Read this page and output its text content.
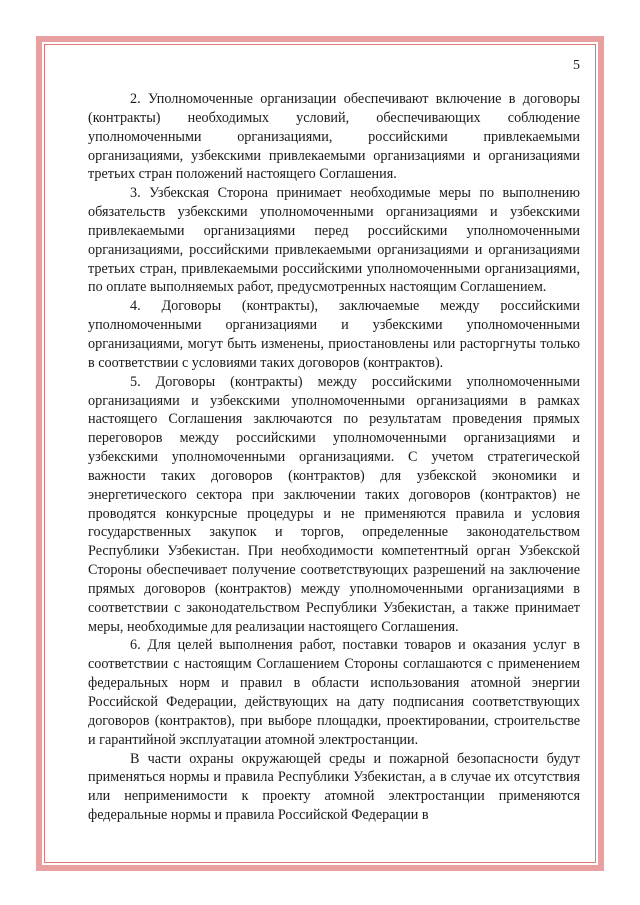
5

2. Уполномоченные организации обеспечивают включение в договоры (контракты) необходимых условий, обеспечивающих соблюдение уполномоченными организациями, российскими привлекаемыми организациями, узбекскими привлекаемыми организациями и организациями третьих стран положений настоящего Соглашения.

3. Узбекская Сторона принимает необходимые меры по выполнению обязательств узбекскими уполномоченными организациями и узбекскими привлекаемыми организациями перед российскими уполномоченными организациями, российскими привлекаемыми организациями и организациями третьих стран, привлекаемыми российскими уполномоченными организациями, по оплате выполняемых работ, предусмотренных настоящим Соглашением.

4. Договоры (контракты), заключаемые между российскими уполномоченными организациями и узбекскими уполномоченными организациями, могут быть изменены, приостановлены или расторгнуты только в соответствии с условиями таких договоров (контрактов).

5. Договоры (контракты) между российскими уполномоченными организациями и узбекскими уполномоченными организациями в рамках настоящего Соглашения заключаются по результатам проведения прямых переговоров между российскими уполномоченными организациями и узбекскими уполномоченными организациями. С учетом стратегической важности таких договоров (контрактов) для узбекской экономики и энергетического сектора при заключении таких договоров (контрактов) не проводятся конкурсные процедуры и не применяются правила и условия государственных закупок и торгов, определенные законодательством Республики Узбекистан. При необходимости компетентный орган Узбекской Стороны обеспечивает получение соответствующих разрешений на заключение прямых договоров (контрактов) между уполномоченными организациями в соответствии с законодательством Республики Узбекистан, а также принимает меры, необходимые для реализации настоящего Соглашения.

6. Для целей выполнения работ, поставки товаров и оказания услуг в соответствии с настоящим Соглашением Стороны соглашаются с применением федеральных норм и правил в области использования атомной энергии Российской Федерации, действующих на дату подписания соответствующих договоров (контрактов), при выборе площадки, проектировании, строительстве и гарантийной эксплуатации атомной электростанции.

В части охраны окружающей среды и пожарной безопасности будут применяться нормы и правила Республики Узбекистан, а в случае их отсутствия или неприменимости к проекту атомной электростанции применяются федеральные нормы и правила Российской Федерации в
